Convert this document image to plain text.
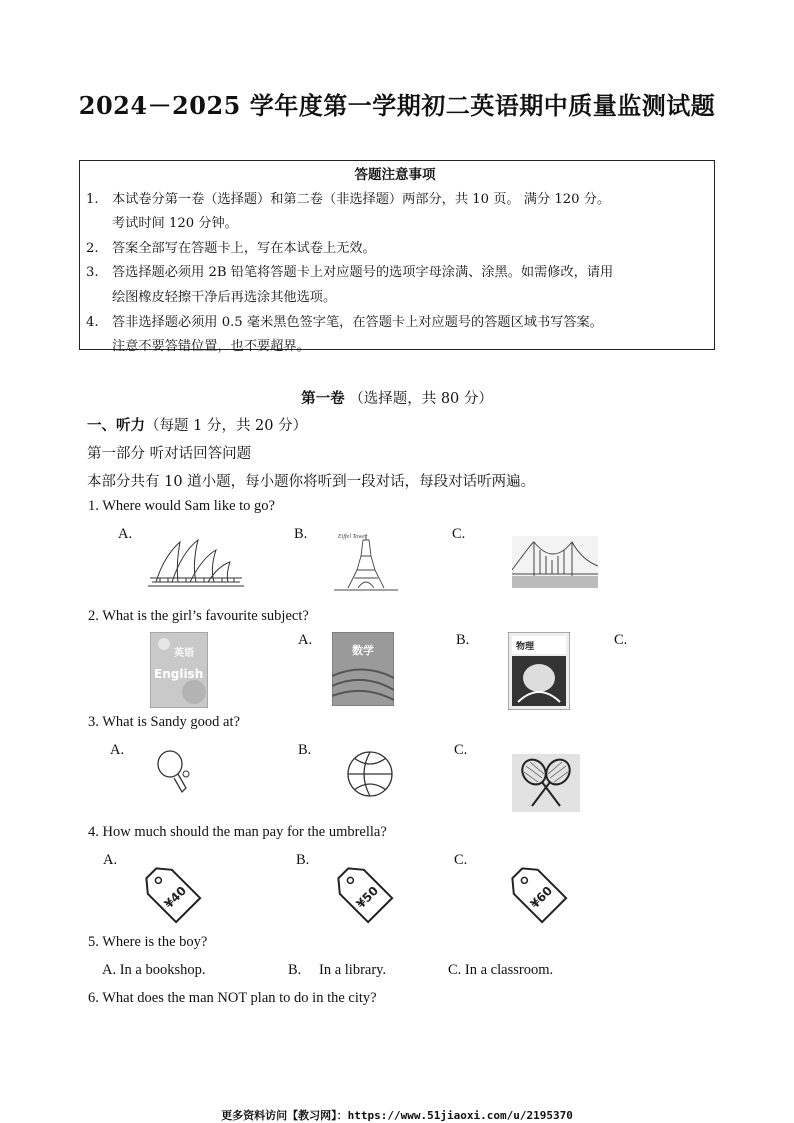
2024－2025 学年度第一学期初二英语期中质量监测试题
答题注意事项
1.	本试卷分第一卷（选择题）和第二卷（非选择题）两部分，共 10 页。 满分 120 分。
考试时间 120 分钟。
2.	答案全部写在答题卡上，写在本试卷上无效。
3.	答选择题必须用 2B 铅笔将答题卡上对应题号的选项字母涂满、涂黑。如需修改，请用
绘图橡皮轻擦干净后再选涂其他选项。
4.	答非选择题必须用 0.5 毫米黑色签字笔，在答题卡上对应题号的答题区域书写答案。
注意不要答错位置，也不要超界。
第一卷 （选择题，共 80 分）
一、听力（每题 1 分，共 20 分）
第一部分 听对话回答问题
本部分共有 10 道小题，每小题你将听到一段对话，每段对话听两遍。
1. Where would Sam like to go?
A.	B.	C.
Eiffel Tower
2. What is the girl’s favourite subject?
A.	B.	C.
英语
English
数学	物理
3. What is Sandy good at?
A.	B.	C.
4. How much should the man pay for the umbrella?
A.	B.	C.
¥40	¥50	¥60
5. Where is the boy?
A. In a bookshop.	B. In a library.	C. In a classroom.
6. What does the man NOT plan to do in the city?
更多资料访问【教习网】：https://www.51jiaoxi.com/u/2195370
